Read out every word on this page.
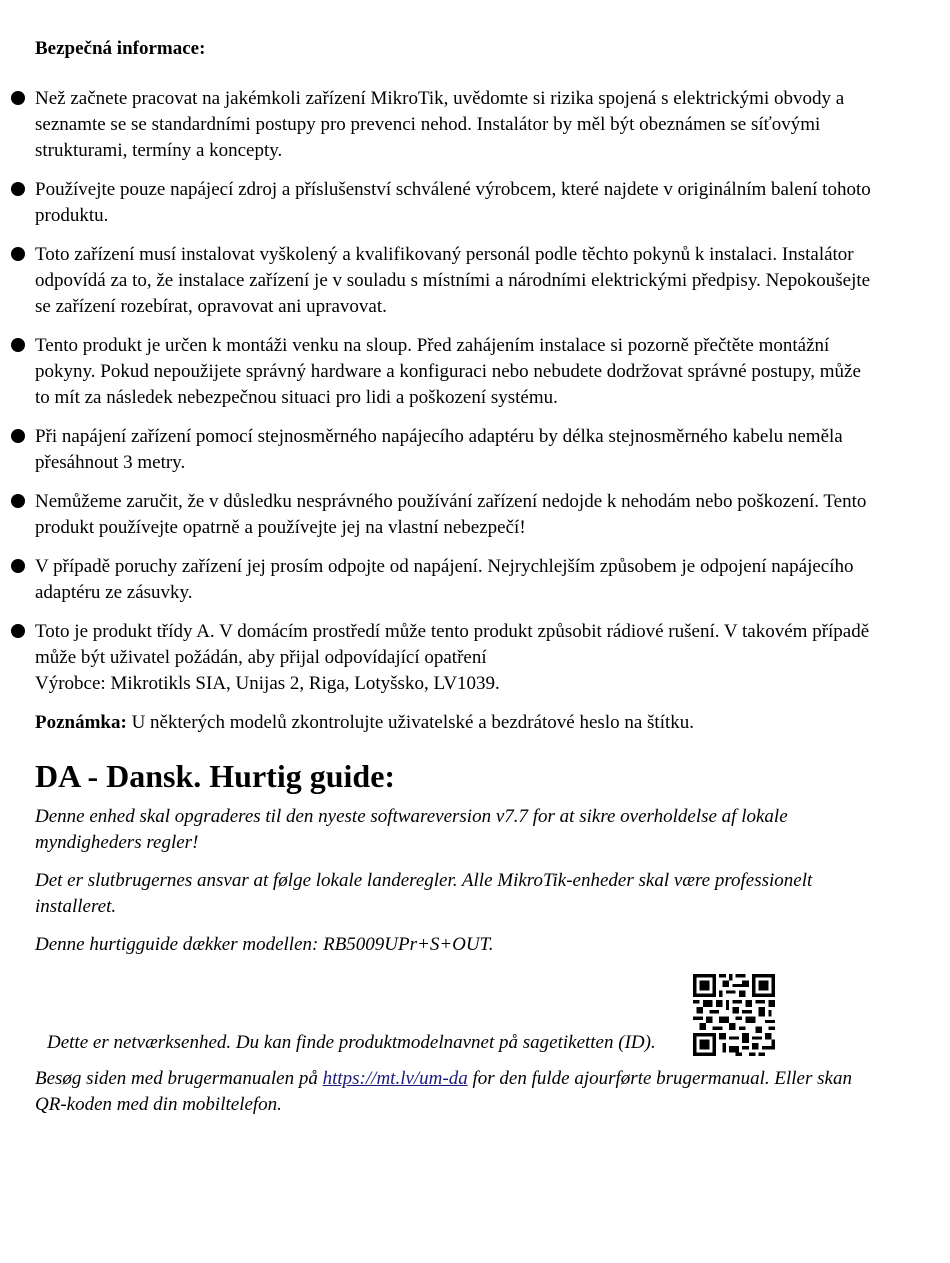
Bezpečná informace:
Než začnete pracovat na jakémkoli zařízení MikroTik, uvědomte si rizika spojená s elektrickými obvody a seznamte se se standardními postupy pro prevenci nehod. Instalátor by měl být obeznámen se síťovými strukturami, termíny a koncepty.
Používejte pouze napájecí zdroj a příslušenství schválené výrobcem, které najdete v originálním balení tohoto produktu.
Toto zařízení musí instalovat vyškolený a kvalifikovaný personál podle těchto pokynů k instalaci. Instalátor odpovídá za to, že instalace zařízení je v souladu s místními a národními elektrickými předpisy. Nepokoušejte se zařízení rozebírat, opravovat ani upravovat.
Tento produkt je určen k montáži venku na sloup. Před zahájením instalace si pozorně přečtěte montážní pokyny. Pokud nepoužijete správný hardware a konfiguraci nebo nebudete dodržovat správné postupy, může to mít za následek nebezpečnou situaci pro lidi a poškození systému.
Při napájení zařízení pomocí stejnosměrného napájecího adaptéru by délka stejnosměrného kabelu neměla přesáhnout 3 metry.
Nemůžeme zaručit, že v důsledku nesprávného používání zařízení nedojde k nehodám nebo poškození. Tento produkt používejte opatrně a používejte jej na vlastní nebezpečí!
V případě poruchy zařízení jej prosím odpojte od napájení. Nejrychlejším způsobem je odpojení napájecího adaptéru ze zásuvky.
Toto je produkt třídy A. V domácím prostředí může tento produkt způsobit rádiové rušení. V takovém případě může být uživatel požádán, aby přijal odpovídající opatření
Výrobce: Mikrotikls SIA, Unijas 2, Riga, Lotyšsko, LV1039.

Poznámka: U některých modelů zkontrolujte uživatelské a bezdrátové heslo na štítku.

DA - Dansk. Hurtig guide:

Denne enhed skal opgraderes til den nyeste softwareversion v7.7 for at sikre overholdelse af lokale myndigheders regler!

Det er slutbrugernes ansvar at følge lokale landeregler. Alle MikroTik-enheder skal være professionelt installeret.

Denne hurtigguide dækker modellen: RB5009UPr+S+OUT.

Dette er netværksenhed. Du kan finde produktmodelnavnet på sagetiketten (ID).

Besøg siden med brugermanualen på https://mt.lv/um-da for den fulde ajourførte brugermanual. Eller skan QR-koden med din mobiltelefon.
